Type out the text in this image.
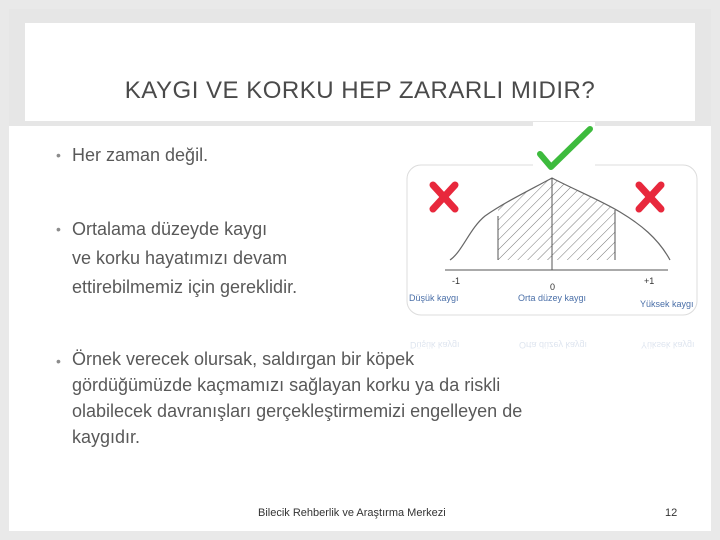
KAYGI VE KORKU HEP ZARARLI MIDIR?
• Her zaman değil.
• Ortalama düzeyde kaygı
ve korku hayatımızı devam
ettirebilmemiz için gereklidir.
• Örnek verecek olursak, saldırgan bir köpek
gördüğümüzde kaçmamızı sağlayan korku ya da riskli
olabilecek davranışları gerçekleştirmemizi engelleyen de
kaygıdır.
-1
0
+1
Düşük kaygı	Orta düzey kaygı
Yüksek kaygı
Düşük kaygı	Orta düzey kaygı	Yüksek kaygı
Bilecik Rehberlik ve Araştırma Merkezi	12
